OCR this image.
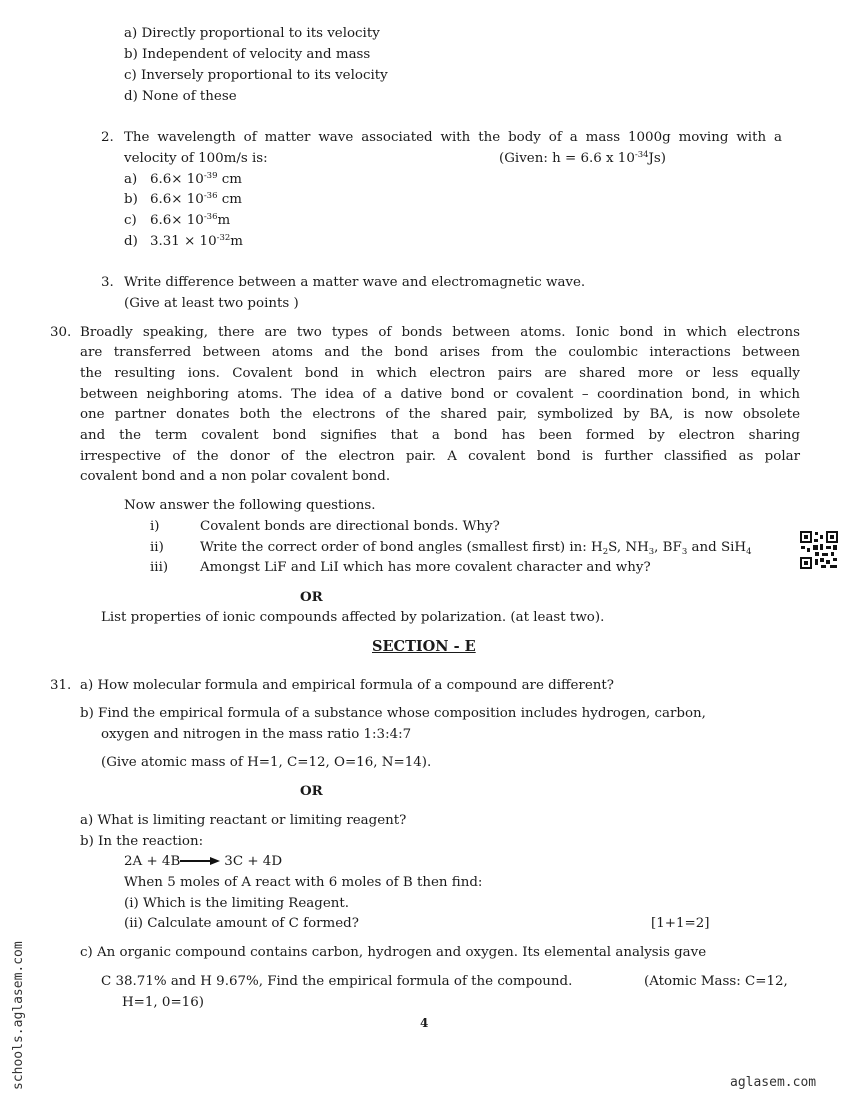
a) Directly proportional to its velocity
b) Independent of velocity and mass
c) Inversely proportional to its velocity
d) None of these
2. The wavelength of matter wave associated with the body of a mass 1000g moving with a
velocity of 100m/s is:	(Given: h = 6.6 x $10^{-34}Js$)
a) $6.6\times 10^{-39}$ cm
b) $6.6\times 10^{-36}$ cm
c) $6.6\times 10^{-36}m$
d) $3.31 \times 10^{-32}m$
3. Write difference between a matter wave and electromagnetic wave.
(Give at least two points )
30. Broadly speaking, there are two types of bonds between atoms. Ionic bond in which electrons
are transferred between atoms and the bond arises from the coulombic interactions between
the resulting ions. Covalent bond in which electron pairs are shared more or less equally
between neighboring atoms. The idea of a dative bond or covalent – coordination bond, in which
one partner donates both the electrons of the shared pair, symbolized by BA, is now obsolete
and the term covalent bond signifies that a bond has been formed by electron sharing
irrespective of the donor of the electron pair. A covalent bond is further classified as polar
covalent bond and a non polar covalent bond.
Now answer the following questions.
i)	Covalent bonds are directional bonds. Why?
ii)	Write the correct order of bond angles (smallest first) in: $H_2S$, $NH_3$, $BF_3$ and SiH$_4$
iii) Amongst LiF and LiI which has more covalent character and why?
OR
List properties of ionic compounds affected by polarization. (at least two).
SECTION - E
31. a) How molecular formula and empirical formula of a compound are different?
b) Find the empirical formula of a substance whose composition includes hydrogen, carbon,
oxygen and nitrogen in the mass ratio 1:3:4:7
(Give atomic mass of H=1, C=12, O=16, N=14).
OR
a) What is limiting reactant or limiting reagent?
b) In the reaction:
2A + 4B→ 3C + 4D
When 5 moles of A react with 6 moles of B then find:
(i) Which is the limiting Reagent.
(ii) Calculate amount of C formed?	[1+1=2]
c) An organic compound contains carbon, hydrogen and oxygen. Its elemental analysis gave
C 38.71% and H 9.67%, Find the empirical formula of the compound.	(Atomic Mass: C=12,
H=1, 0=16)
4
schools.aglasem.com	aglasem.com
